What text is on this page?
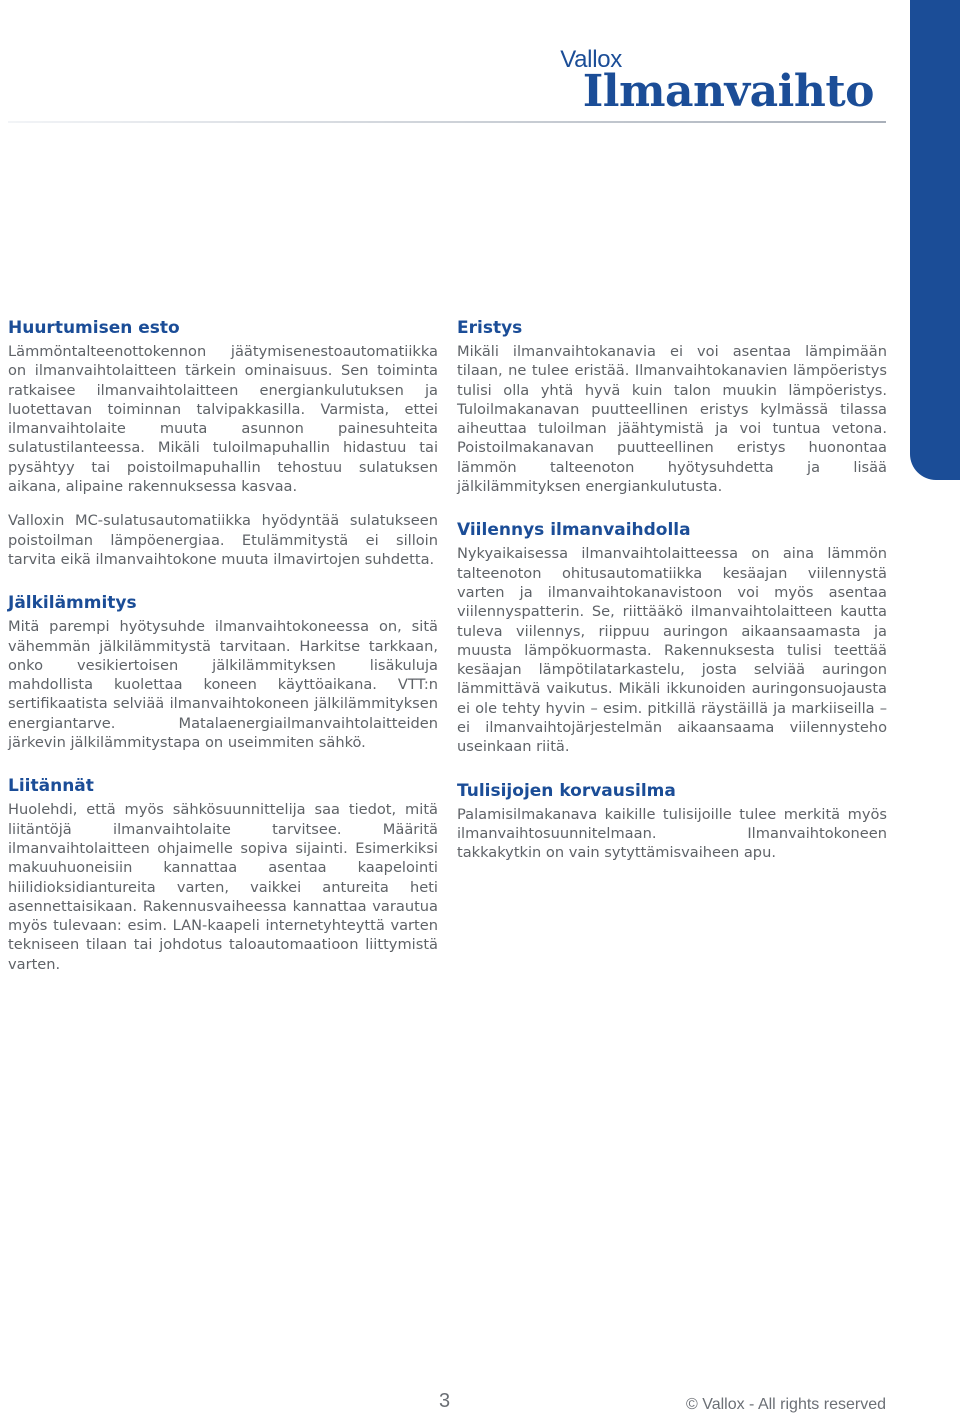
Vallox
Ilmanvaihto
Huurtumisen esto

Lämmöntalteenottokennon jäätymisenestoautomatiikka on ilmanvaihtolaitteen tärkein ominaisuus. Sen toiminta ratkaisee ilmanvaihtolaitteen energiankulutuksen ja luotettavan toiminnan talvipakkasilla. Varmista, ettei ilmanvaihtolaite muuta asunnon painesuhteita sulatustilanteessa. Mikäli tuloilmapuhallin hidastuu tai pysähtyy tai poistoilmapuhallin tehostuu sulatuksen aikana, alipaine rakennuksessa kasvaa.

Valloxin MC-sulatusautomatiikka hyödyntää sulatukseen poistoilman lämpöenergiaa. Etulämmitystä ei silloin tarvita eikä ilmanvaihtokone muuta ilmavirtojen suhdetta.

Jälkilämmitys

Mitä parempi hyötysuhde ilmanvaihtokoneessa on, sitä vähemmän jälkilämmitystä tarvitaan. Harkitse tarkkaan, onko vesikiertoisen jälkilämmityksen lisäkuluja mahdollista kuolettaa koneen käyttöaikana. VTT:n sertifikaatista selviää ilmanvaihtokoneen jälkilämmityksen energiantarve. Matalaenergiailmanvaihtolaitteiden järkevin jälkilämmitystapa on useimmiten sähkö.

Liitännät

Huolehdi, että myös sähkösuunnittelija saa tiedot, mitä liitäntöjä ilmanvaihtolaite tarvitsee. Määritä ilmanvaihtolaitteen ohjaimelle sopiva sijainti. Esimerkiksi makuuhuoneisiin kannattaa asentaa kaapelointi hiilidioksidiantureita varten, vaikkei antureita heti asennettaisikaan. Rakennusvaiheessa kannattaa varautua myös tulevaan: esim. LAN-kaapeli internetyhteyttä varten tekniseen tilaan tai johdotus taloautomaatioon liittymistä varten.

Eristys

Mikäli ilmanvaihtokanavia ei voi asentaa lämpimään tilaan, ne tulee eristää. Ilmanvaihtokanavien lämpöeristys tulisi olla yhtä hyvä kuin talon muukin lämpöeristys. Tuloilmakanavan puutteellinen eristys kylmässä tilassa aiheuttaa tuloilman jäähtymistä ja voi tuntua vetona. Poistoilmakanavan puutteellinen eristys huonontaa lämmön talteenoton hyötysuhdetta ja lisää jälkilämmityksen energiankulutusta.

Viilennys ilmanvaihdolla

Nykyaikaisessa ilmanvaihtolaitteessa on aina lämmön talteenoton ohitusautomatiikka kesäajan viilennystä varten ja ilmanvaihtokanavistoon voi myös asentaa viilennyspatterin. Se, riittääkö ilmanvaihtolaitteen kautta tuleva viilennys, riippuu auringon aikaansaamasta ja muusta lämpökuormasta. Rakennuksesta tulisi teettää kesäajan lämpötilatarkastelu, josta selviää auringon lämmittävä vaikutus. Mikäli ikkunoiden auringonsuojausta ei ole tehty hyvin – esim. pitkillä räystäillä ja markiiseilla – ei ilmanvaihtojärjestelmän aikaansaama viilennysteho useinkaan riitä.

Tulisijojen korvausilma

Palamisilmakanava kaikille tulisijoille tulee merkitä myös ilmanvaihtosuunnitelmaan. Ilmanvaihtokoneen takkakytkin on vain sytyttämisvaiheen apu.

3	© Vallox - All rights reserved
